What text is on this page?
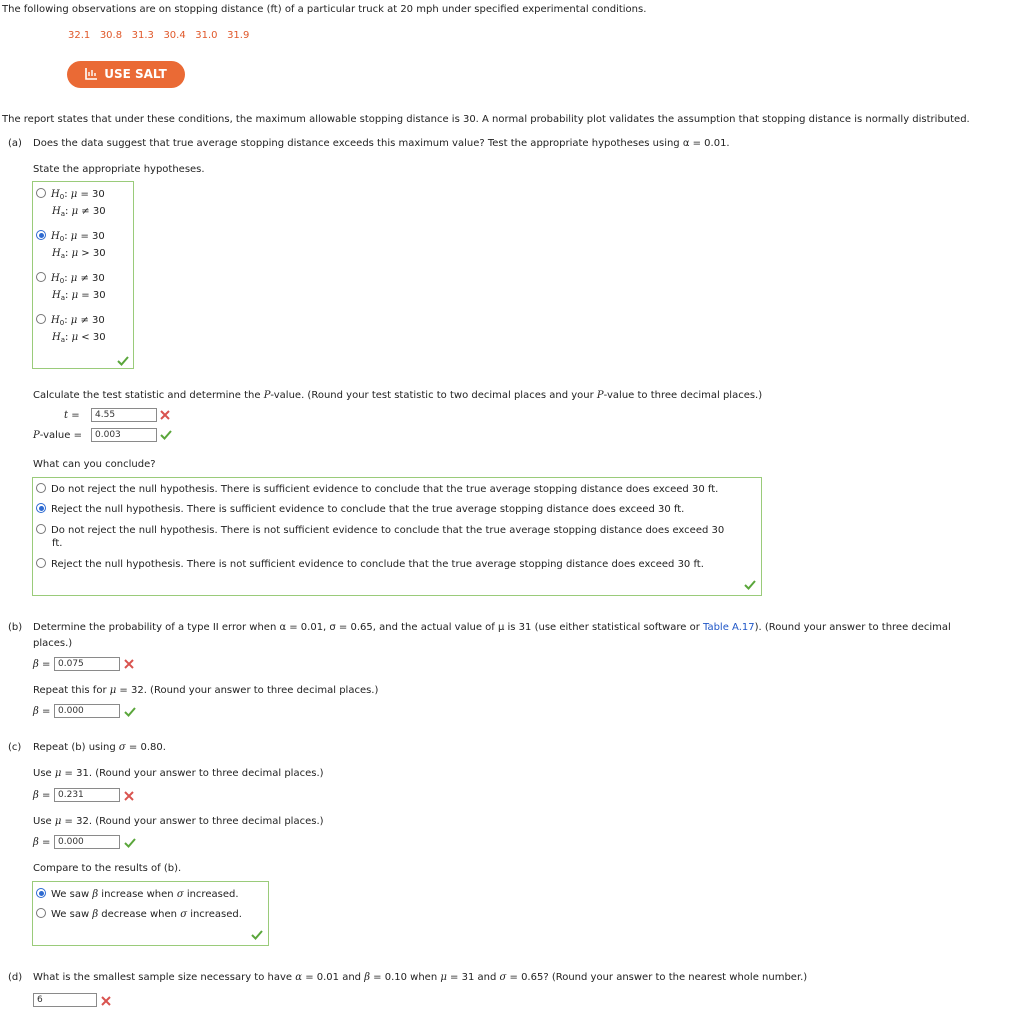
The following observations are on stopping distance (ft) of a particular truck at 20 mph under specified experimental conditions.
32.1 30.8 31.3 30.4 31.0 31.9
USE SALT
The report states that under these conditions, the maximum allowable stopping distance is 30. A normal probability plot validates the assumption that stopping distance is normally distributed.
(a) Does the data suggest that true average stopping distance exceeds this maximum value? Test the appropriate hypotheses using α = 0.01.
State the appropriate hypotheses.
$H_0$: μ = 30
$H_a$: μ ≠ 30
$H_0$: μ = 30
$H_a$: μ > 30
$H_0$: μ ≠ 30
$H_a$: μ = 30
$H_0$: μ ≠ 30
$H_a$: μ < 30
Calculate the test statistic and determine the P-value. (Round your test statistic to two decimal places and your P-value to three decimal places.)
t =	4.55
P-value =	0.003
What can you conclude?
Do not reject the null hypothesis. There is sufficient evidence to conclude that the true average stopping distance does exceed 30 ft.
Reject the null hypothesis. There is sufficient evidence to conclude that the true average stopping distance does exceed 30 ft.
Do not reject the null hypothesis. There is not sufficient evidence to conclude that the true average stopping distance does exceed 30
ft.
Reject the null hypothesis. There is not sufficient evidence to conclude that the true average stopping distance does exceed 30 ft.
(b) Determine the probability of a type II error when α = 0.01, σ = 0.65, and the actual value of μ is 31 (use either statistical software or Table A.17). (Round your answer to three decimal
places.)
β = 0.075
Repeat this for μ = 32. (Round your answer to three decimal places.)
β = 0.000
(c) Repeat (b) using σ = 0.80.
Use μ = 31. (Round your answer to three decimal places.)
β = 0.231
Use μ = 32. (Round your answer to three decimal places.)
β = 0.000
Compare to the results of (b).
We saw β increase when σ increased.
We saw β decrease when σ increased.
(d) What is the smallest sample size necessary to have α = 0.01 and β = 0.10 when μ = 31 and σ = 0.65? (Round your answer to the nearest whole number.)
6
